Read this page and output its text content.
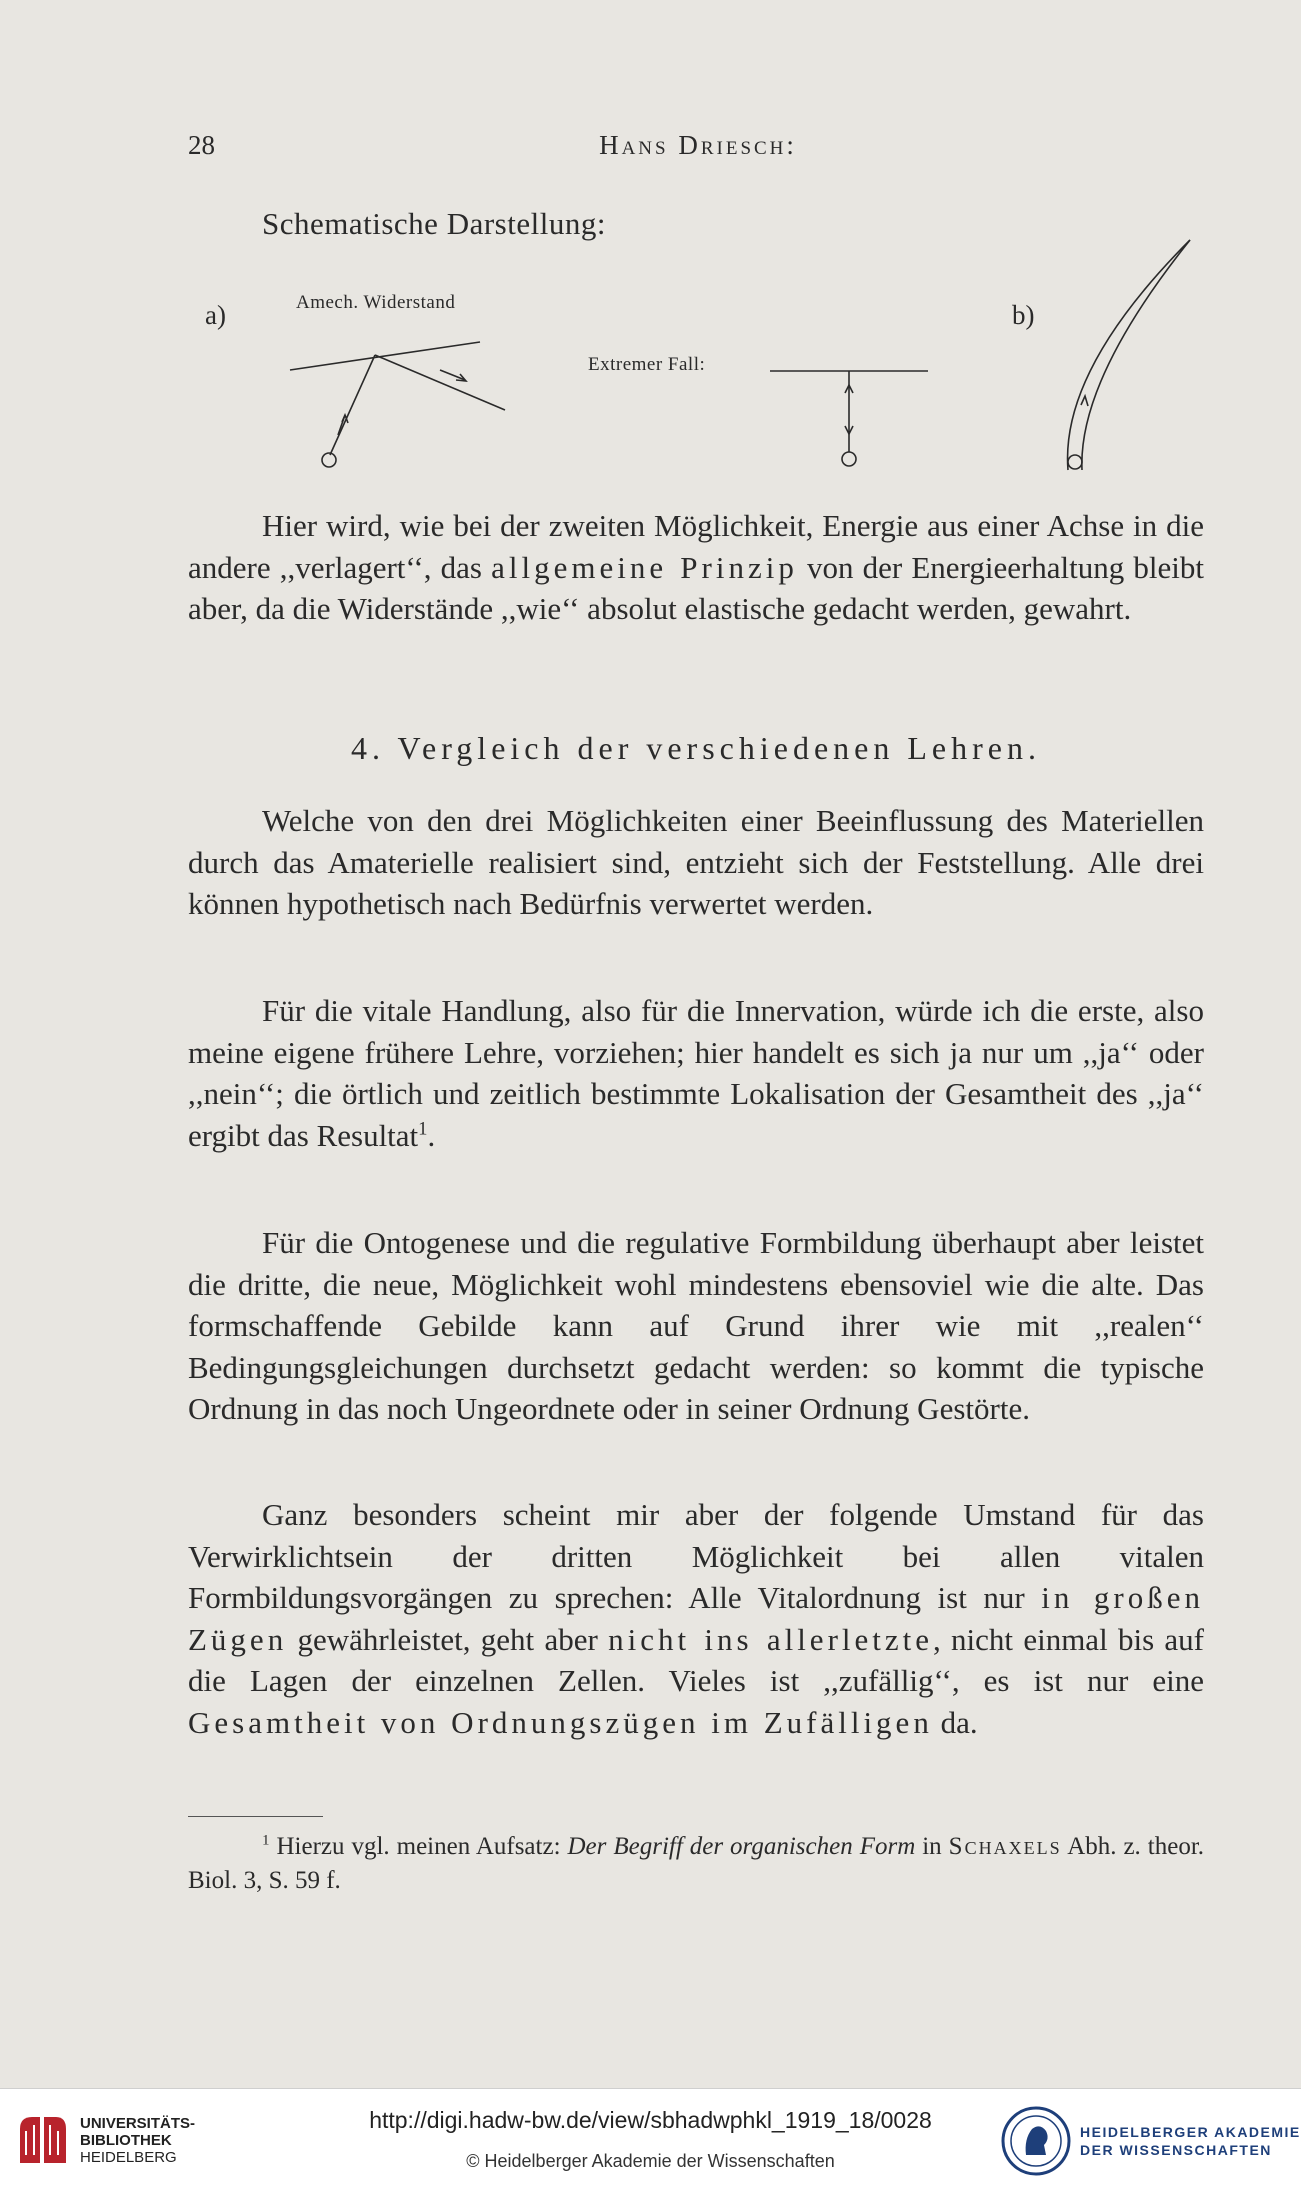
28	Hans Driesch:
Schematische Darstellung:
a)	b)
Amech. Widerstand
Extremer Fall:

Hier wird, wie bei der zweiten Möglichkeit, Energie aus einer Achse in die andere ,,verlagert‘‘, das allgemeine Prinzip von der Energieerhaltung bleibt aber, da die Widerstände ,,wie‘‘ absolut elastische gedacht werden, gewahrt.

4. Vergleich der verschiedenen Lehren.

Welche von den drei Möglichkeiten einer Beeinflussung des Materiellen durch das Amaterielle realisiert sind, entzieht sich der Feststellung. Alle drei können hypothetisch nach Bedürfnis verwertet werden.

Für die vitale Handlung, also für die Innervation, würde ich die erste, also meine eigene frühere Lehre, vorziehen; hier handelt es sich ja nur um ,,ja‘‘ oder ,,nein‘‘; die örtlich und zeitlich bestimmte Lokalisation der Gesamtheit des ,,ja‘‘ ergibt das Resultat$^1$.

Für die Ontogenese und die regulative Formbildung überhaupt aber leistet die dritte, die neue, Möglichkeit wohl mindestens ebensoviel wie die alte. Das formschaffende Gebilde kann auf Grund ihrer wie mit ,,realen‘‘ Bedingungsgleichungen durchsetzt gedacht werden: so kommt die typische Ordnung in das noch Ungeordnete oder in seiner Ordnung Gestörte.

Ganz besonders scheint mir aber der folgende Umstand für das Verwirklichtsein der dritten Möglichkeit bei allen vitalen Formbildungsvorgängen zu sprechen: Alle Vitalordnung ist nur in großen Zügen gewährleistet, geht aber nicht ins allerletzte, nicht einmal bis auf die Lagen der einzelnen Zellen. Vieles ist ,,zufällig‘‘, es ist nur eine Gesamtheit von Ordnungszügen im Zufälligen da.

$^1$ Hierzu vgl. meinen Aufsatz: Der Begriff der organischen Form in Schaxels Abh. z. theor. Biol. 3, S. 59 f.

UNIVERSITÄTS-
BIBLIOTHEK
HEIDELBERG
http://digi.hadw-bw.de/view/sbhadwphkl_1919_18/0028
© Heidelberger Akademie der Wissenschaften
HEIDELBERGER AKADEMIE
DER WISSENSCHAFTEN
